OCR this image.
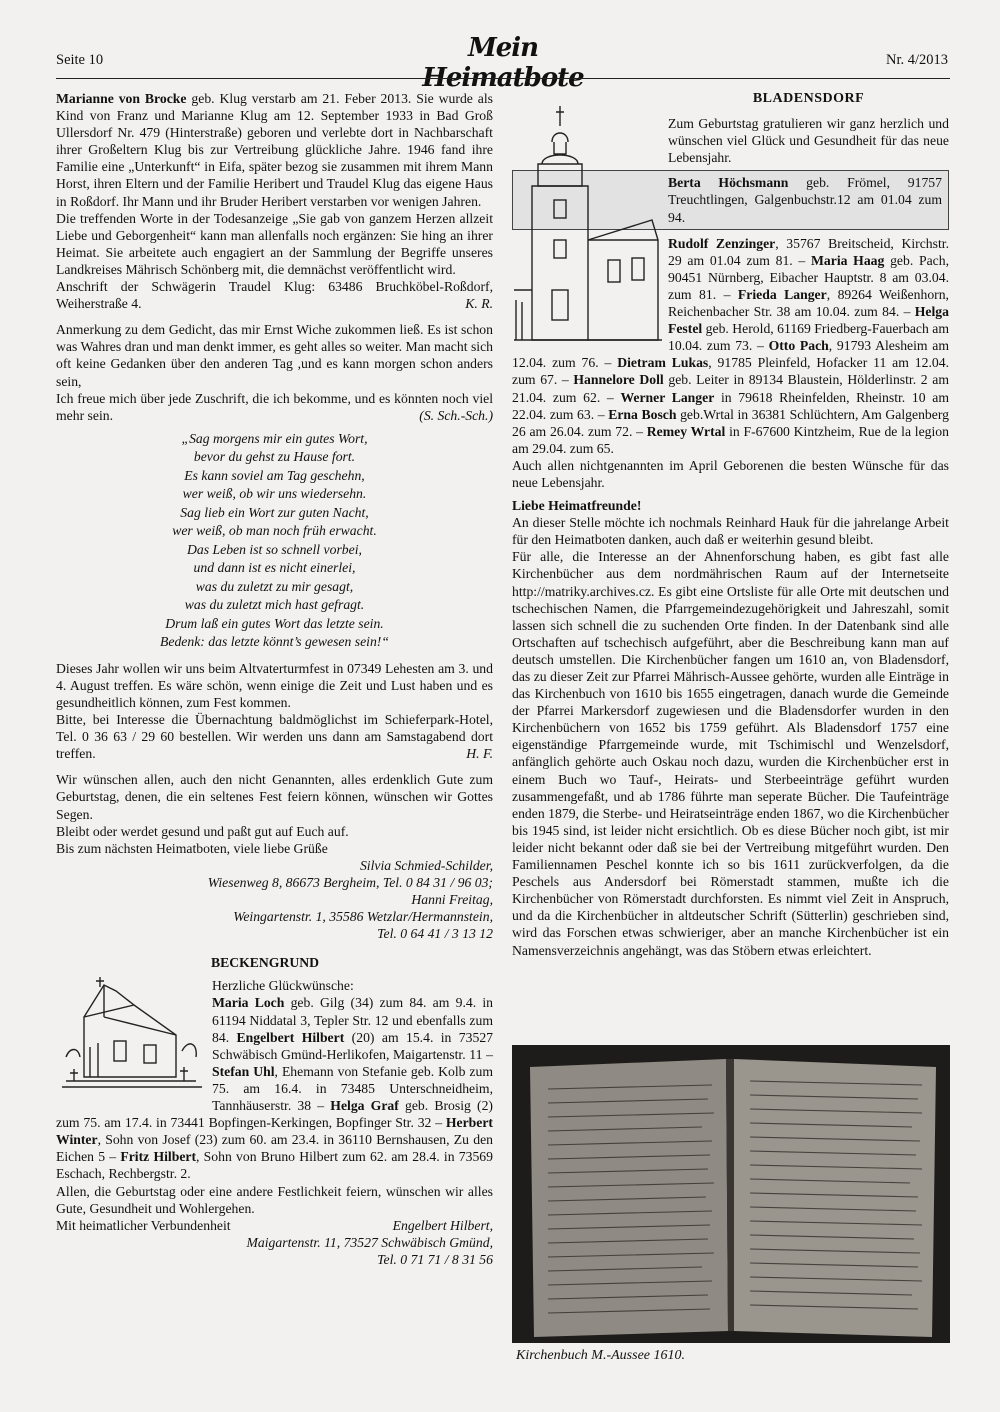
Seite 10	Mein Heimatbote
Nr. 4/2013

Marianne von Brocke geb. Klug verstarb am 21. Feber 2013. Sie wurde als Kind von Franz und Marianne Klug am 12. September 1933 in Bad Groß Ullersdorf Nr. 479 (Hinterstraße) geboren und verlebte dort in Nachbarschaft ihrer Großeltern Klug bis zur Vertreibung glückliche Jahre. 1946 fand ihre Familie eine „Unterkunft“ in Eifa, später bezog sie zusammen mit ihrem Mann Horst, ihren Eltern und der Familie Heribert und Traudel Klug das eigene Haus in Roßdorf. Ihr Mann und ihr Bruder Heribert verstarben vor wenigen Jahren.

Die treffenden Worte in der Todesanzeige „Sie gab von ganzem Herzen allzeit Liebe und Geborgenheit“ kann man allenfalls noch ergänzen: Sie hing an ihrer Heimat. Sie arbeitete auch engagiert an der Sammlung der Begriffe unseres Landkreises Mährisch Schönberg mit, die demnächst veröffentlicht wird.

Anschrift der Schwägerin Traudel Klug: 63486 Bruchköbel-Roßdorf, Weiherstraße 4.	K. R.

Anmerkung zu dem Gedicht, das mir Ernst Wiche zukommen ließ. Es ist schon was Wahres dran und man denkt immer, es geht alles so weiter. Man macht sich oft keine Gedanken über den anderen Tag ,und es kann morgen schon anders sein,

Ich freue mich über jede Zuschrift, die ich bekomme, und es könnten noch viel mehr sein.	(S. Sch.-Sch.)

„Sag morgens mir ein gutes Wort,
bevor du gehst zu Hause fort.
Es kann soviel am Tag geschehn,
wer weiß, ob wir uns wiedersehn.
Sag lieb ein Wort zur guten Nacht,
wer weiß, ob man noch früh erwacht.
Das Leben ist so schnell vorbei,
und dann ist es nicht einerlei,
was du zuletzt zu mir gesagt,
was du zuletzt mich hast gefragt.
Drum laß ein gutes Wort das letzte sein.
Bedenk: das letzte könnt’s gewesen sein!“

Dieses Jahr wollen wir uns beim Altvaterturmfest in 07349 Lehesten am 3. und 4. August treffen. Es wäre schön, wenn einige die Zeit und Lust haben und es gesundheitlich können, zum Fest kommen.

Bitte, bei Interesse die Übernachtung baldmöglichst im Schieferpark-Hotel, Tel. 0 36 63 / 29 60 bestellen. Wir werden uns dann am Samstagabend dort treffen.	H. F.

Wir wünschen allen, auch den nicht Genannten, alles erdenklich Gute zum Geburtstag, denen, die ein seltenes Fest feiern können, wünschen wir Gottes Segen.

Bleibt oder werdet gesund und paßt gut auf Euch auf.

Bis zum nächsten Heimatboten, viele liebe Grüße

Silvia Schmied-Schilder,
Wiesenweg 8, 86673 Bergheim, Tel. 0 84 31 / 96 03;
Hanni Freitag,
Weingartenstr. 1, 35586 Wetzlar/Hermannstein,
Tel. 0 64 41 / 3 13 12
BECKENGRUND

Herzliche Glückwünsche:

Maria Loch geb. Gilg (34) zum 84. am 9.4. in 61194 Niddatal 3, Tepler Str. 12 und ebenfalls zum 84. Engelbert Hilbert (20) am 15.4. in 73527 Schwäbisch Gmünd-Herlikofen, Maigartenstr. 11 – Stefan Uhl, Ehemann von Stefanie geb. Kolb zum 75. am 16.4. in 73485 Unterschneidheim, Tannhäuserstr. 38 – Helga Graf geb. Brosig (2) zum 75. am 17.4. in 73441 Bopfingen-Kerkingen, Bopfinger Str. 32 – Herbert Winter, Sohn von Josef (23) zum 60. am 23.4. in 36110 Bernshausen, Zu den Eichen 5 – Fritz Hilbert, Sohn von Bruno Hilbert zum 62. am 28.4. in 73569 Eschach, Rechbergstr. 2.

Allen, die Geburtstag oder eine andere Festlichkeit feiern, wünschen wir alles Gute, Gesundheit und Wohlergehen.

Mit heimatlicher Verbundenheit	Engelbert Hilbert,

Maigartenstr. 11, 73527 Schwäbisch Gmünd,
Tel. 0 71 71 / 8 31 56
BLADENSDORF

Zum Geburtstag gratulieren wir ganz herzlich und wünschen viel Glück und Gesundheit für das neue Lebensjahr.

Berta Höchsmann geb. Frömel, 91757 Treuchtlingen, Galgenbuchstr.12 am 01.04 zum 94.

Rudolf Zenzinger, 35767 Breitscheid, Kirchstr. 29 am 01.04 zum 81. – Maria Haag geb. Pach, 90451 Nürnberg, Eibacher Hauptstr. 8 am 03.04. zum 81. – Frieda Langer, 89264 Weißenhorn, Reichenbacher Str. 38 am 10.04. zum 84. – Helga Festel geb. Herold, 61169 Friedberg-Fauerbach am 10.04. zum 73. – Otto Pach, 91793 Alesheim am 12.04. zum 76. – Dietram Lukas, 91785 Pleinfeld, Hofacker 11 am 12.04. zum 67. – Hannelore Doll geb. Leiter in 89134 Blaustein, Hölderlinstr. 2 am 21.04. zum 62. – Werner Langer in 79618 Rheinfelden, Rheinstr. 10 am 22.04. zum 63. – Erna Bosch geb.Wrtal in 36381 Schlüchtern, Am Galgenberg 26 am 26.04. zum 72. – Remey Wrtal in F-67600 Kintzheim, Rue de la legion am 29.04. zum 65.

Auch allen nichtgenannten im April Geborenen die besten Wünsche für das neue Lebensjahr.

Liebe Heimatfreunde!

An dieser Stelle möchte ich nochmals Reinhard Hauk für die jahrelange Arbeit für den Heimatboten danken, auch daß er weiterhin gesund bleibt.

Für alle, die Interesse an der Ahnenforschung haben, es gibt fast alle Kirchenbücher aus dem nordmährischen Raum auf der Internetseite http://matriky.archives.cz. Es gibt eine Ortsliste für alle Orte mit deutschen und tschechischen Namen, die Pfarrgemeindezugehörigkeit und Jahreszahl, somit lassen sich schnell die zu suchenden Orte finden. In der Datenbank sind alle Ortschaften auf tschechisch aufgeführt, aber die Beschreibung kann man auf deutsch umstellen. Die Kirchenbücher fangen um 1610 an, von Bladensdorf, das zu dieser Zeit zur Pfarrei Mährisch-Aussee gehörte, wurden alle Einträge in das Kirchenbuch von 1610 bis 1655 eingetragen, danach wurde die Gemeinde der Pfarrei Markersdorf zugewiesen und die Bladensdorfer wurden in den Kirchenbüchern von 1652 bis 1759 geführt. Als Bladensdorf 1757 eine eigenständige Pfarrgemeinde wurde, mit Tschimischl und Wenzelsdorf, anfänglich gehörte auch Oskau noch dazu, wurden die Kirchenbücher erst in einem Buch wo Tauf-, Heirats- und Sterbeeinträge geführt wurden zusammengefaßt, und ab 1786 führte man seperate Bücher. Die Taufeinträge enden 1879, die Sterbe- und Heiratseinträge enden 1867, wo die Kirchenbücher bis 1945 sind, ist leider nicht ersichtlich. Ob es diese Bücher noch gibt, ist mir leider nicht bekannt oder daß sie bei der Vertreibung mitgeführt wurden. Den Familiennamen Peschel konnte ich so bis 1611 zurückverfolgen, da die Peschels aus Andersdorf bei Römerstadt stammen, mußte ich die Kirchenbücher von Römerstadt durchforsten. Es nimmt viel Zeit in Anspruch, und da die Kirchenbücher in altdeutscher Schrift (Sütterlin) geschrieben sind, wird das Forschen etwas schwieriger, aber an manche Kirchenbücher ist ein Namensverzeichnis angehängt, was das Stöbern etwas erleichtert.

Kirchenbuch M.-Aussee 1610.
